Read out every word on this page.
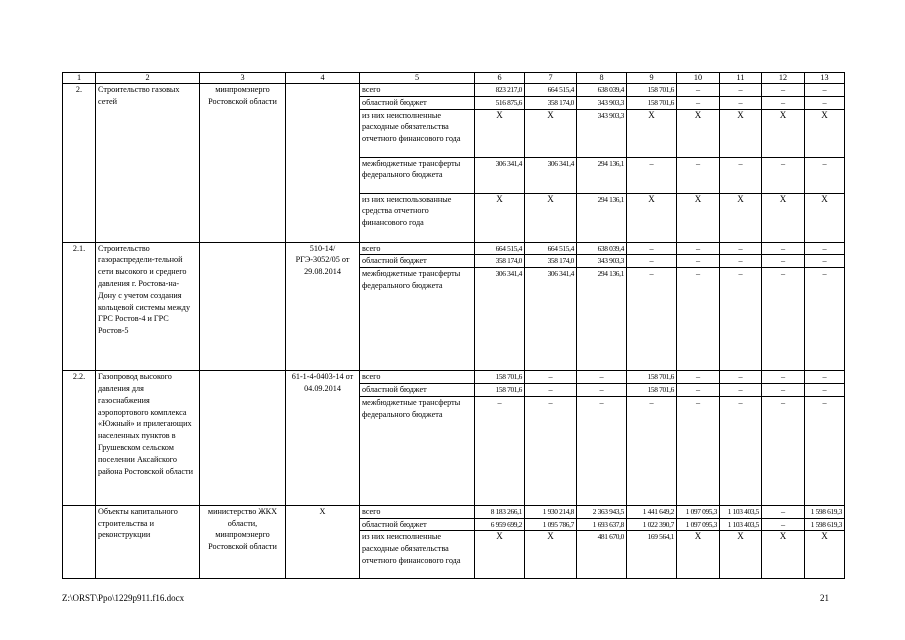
1	2	3	4	5	6	7	8	9	10	11	12	13
2.	Строительство газовых сетей	минпромэнерго Ростовской области		всего	823 217,0	664 515,4	638 039,4	158 701,6	–	–	–	–
				областной бюджет	516 875,6	358 174,0	343 903,3	158 701,6	–	–	–	–
				из них неисполненные расходные обязательства отчетного финансового года	Х	Х	343 903,3	Х	Х	Х	Х	Х
				межбюджетные трансферты федерального бюджета	306 341,4	306 341,4	294 136,1	–	–	–	–	–
				из них неиспользованные средства отчетного финансового года	Х	Х	294 136,1	Х	Х	Х	Х	Х
2.1.	Строительство газораспредели-тельной сети высокого и среднего давления г. Ростова-на-Дону с учетом создания кольцевой системы между ГРС Ростов-4 и ГРС Ростов-5		510-14/РГЭ-3052/05 от 29.08.2014	всего	664 515,4	664 515,4	638 039,4	–	–	–	–	–
				областной бюджет	358 174,0	358 174,0	343 903,3	–	–	–	–	–
				межбюджетные трансферты федерального бюджета	306 341,4	306 341,4	294 136,1	–	–	–	–	–
2.2.	Газопровод высокого давления для газоснабжения аэропортового комплекса «Южный» и прилегающих населенных пунктов в Грушевском сельском поселении Аксайского района Ростовской области		61-1-4-0403-14 от 04.09.2014	всего	158 701,6	–	–	158 701,6	–	–	–	–
				областной бюджет	158 701,6	–	–	158 701,6	–	–	–	–
				межбюджетные трансферты федерального бюджета	–	–	–	–	–	–	–	–
	Объекты капитального строительства и реконструкции	министерство ЖКХ области, минпромэнерго Ростовской области	Х	всего	8 183 266,1	1 930 214,8	2 363 943,5	1 441 649,2	1 097 095,3	1 103 403,5	–	1 598 619,3
				областной бюджет	6 959 699,2	1 095 786,7	1 693 637,8	1 022 390,7	1 097 095,3	1 103 403,5	–	1 598 619,3
				из них неисполненные расходные обязательства отчетного финансового года	Х	Х	481 670,0	169 564,1	Х	Х	Х	Х
Z:\ORST\Ppo\1229p911.f16.docx	21
